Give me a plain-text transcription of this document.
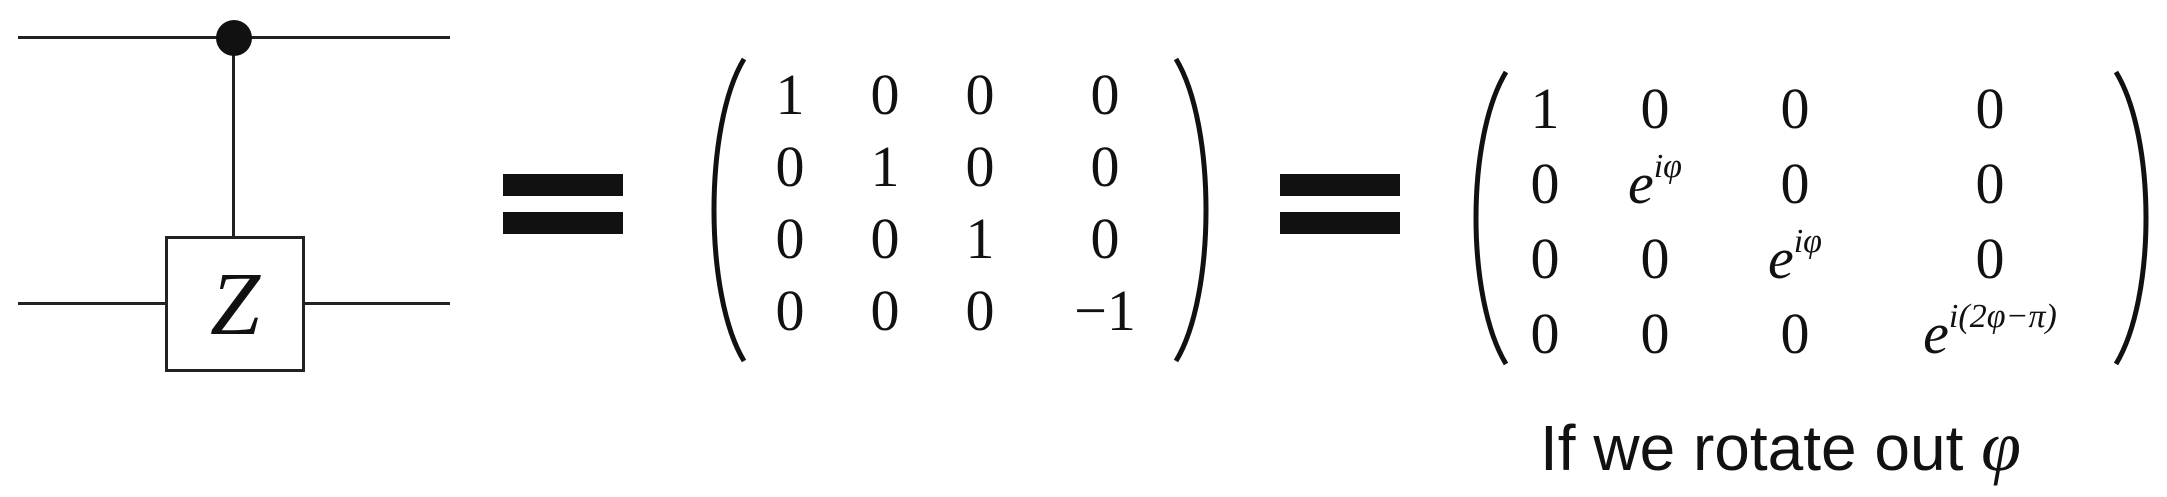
Z
1 0 0	0
0 1 0	0
0 0 1	0
0 0 0	−1
1 0 0	0
0	$e^{i\varphi}$	0	0
0 0	$e^{i\varphi}$	0
0 0 0	$e^{i(2\varphi-\pi)}$
If we rotate out φ
